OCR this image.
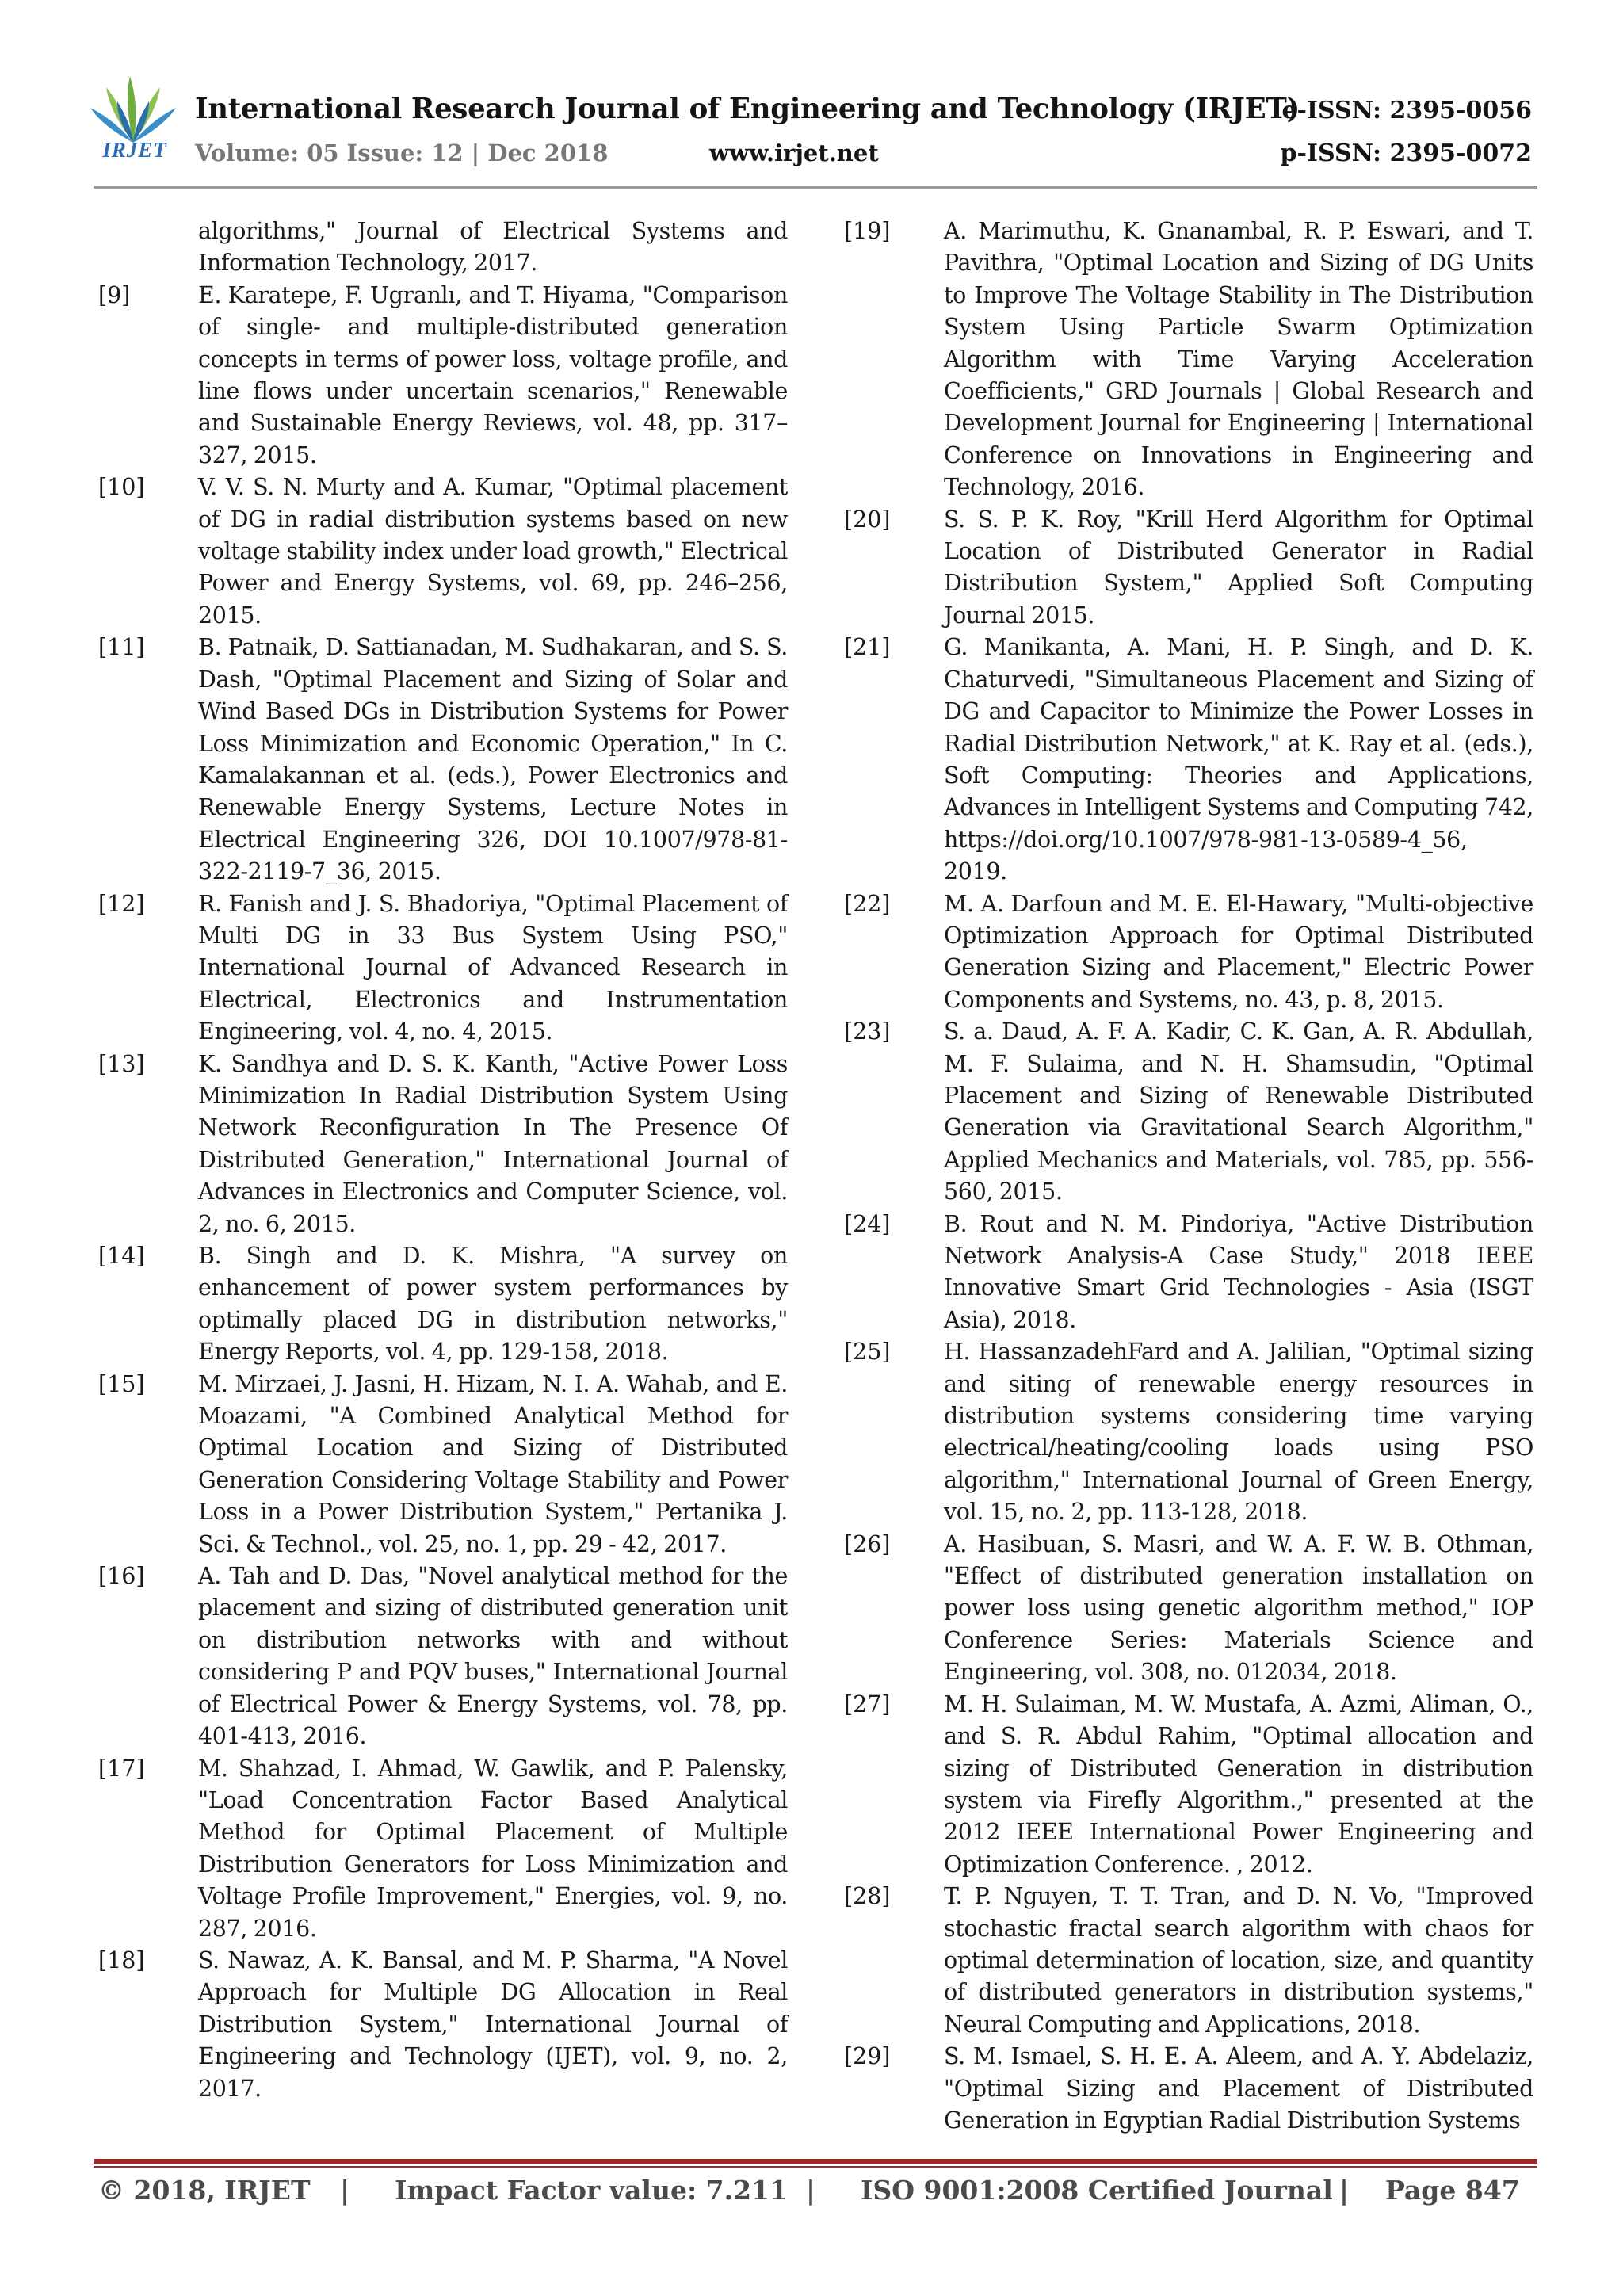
IRJET
International Research Journal of Engineering and Technology (IRJET)
Volume: 05 Issue: 12 | Dec 2018	www.irjet.net
e-ISSN: 2395-0056
p-ISSN: 2395-0072
algorithms," Journal of Electrical Systems and Information Technology, 2017.
[9]	E. Karatepe, F. Ugranlı, and T. Hiyama, "Comparison of single- and multiple-distributed generation concepts in terms of power loss, voltage profile, and line flows under uncertain scenarios," Renewable and Sustainable Energy Reviews, vol. 48, pp. 317–327, 2015.
[10]	V. V. S. N. Murty and A. Kumar, "Optimal placement of DG in radial distribution systems based on new voltage stability index under load growth," Electrical Power and Energy Systems, vol. 69, pp. 246–256, 2015.
[11]	B. Patnaik, D. Sattianadan, M. Sudhakaran, and S. S. Dash, "Optimal Placement and Sizing of Solar and Wind Based DGs in Distribution Systems for Power Loss Minimization and Economic Operation," In C. Kamalakannan et al. (eds.), Power Electronics and Renewable Energy Systems, Lecture Notes in Electrical Engineering 326, DOI 10.1007/978-81-322-2119-7_36, 2015.
[12]	R. Fanish and J. S. Bhadoriya, "Optimal Placement of Multi DG in 33 Bus System Using PSO," International Journal of Advanced Research in Electrical, Electronics and Instrumentation Engineering, vol. 4, no. 4, 2015.
[13]	K. Sandhya and D. S. K. Kanth, "Active Power Loss Minimization In Radial Distribution System Using Network Reconfiguration In The Presence Of Distributed Generation," International Journal of Advances in Electronics and Computer Science, vol. 2, no. 6, 2015.
[14]	B. Singh and D. K. Mishra, "A survey on enhancement of power system performances by optimally placed DG in distribution networks," Energy Reports, vol. 4, pp. 129-158, 2018.
[15]	M. Mirzaei, J. Jasni, H. Hizam, N. I. A. Wahab, and E. Moazami, "A Combined Analytical Method for Optimal Location and Sizing of Distributed Generation Considering Voltage Stability and Power Loss in a Power Distribution System," Pertanika J. Sci. & Technol., vol. 25, no. 1, pp. 29 - 42, 2017.
[16]	A. Tah and D. Das, "Novel analytical method for the placement and sizing of distributed generation unit on distribution networks with and without considering P and PQV buses," International Journal of Electrical Power & Energy Systems, vol. 78, pp. 401-413, 2016.
[17]	M. Shahzad, I. Ahmad, W. Gawlik, and P. Palensky, "Load Concentration Factor Based Analytical Method for Optimal Placement of Multiple Distribution Generators for Loss Minimization and Voltage Profile Improvement," Energies, vol. 9, no. 287, 2016.
[18]	S. Nawaz, A. K. Bansal, and M. P. Sharma, "A Novel Approach for Multiple DG Allocation in Real Distribution System," International Journal of Engineering and Technology (IJET), vol. 9, no. 2, 2017.
[19]	A. Marimuthu, K. Gnanambal, R. P. Eswari, and T. Pavithra, "Optimal Location and Sizing of DG Units to Improve The Voltage Stability in The Distribution System Using Particle Swarm Optimization Algorithm with Time Varying Acceleration Coefficients," GRD Journals | Global Research and Development Journal for Engineering | International Conference on Innovations in Engineering and Technology, 2016.
[20]	S. S. P. K. Roy, "Krill Herd Algorithm for Optimal Location of Distributed Generator in Radial Distribution System," Applied Soft Computing Journal 2015.
[21]	G. Manikanta, A. Mani, H. P. Singh, and D. K. Chaturvedi, "Simultaneous Placement and Sizing of DG and Capacitor to Minimize the Power Losses in Radial Distribution Network," at K. Ray et al. (eds.), Soft Computing: Theories and Applications, Advances in Intelligent Systems and Computing 742, https://doi.org/10.1007/978-981-13-0589-4_56, 2019.
[22]	M. A. Darfoun and M. E. El-Hawary, "Multi-objective Optimization Approach for Optimal Distributed Generation Sizing and Placement," Electric Power Components and Systems, no. 43, p. 8, 2015.
[23]	S. a. Daud, A. F. A. Kadir, C. K. Gan, A. R. Abdullah, M. F. Sulaima, and N. H. Shamsudin, "Optimal Placement and Sizing of Renewable Distributed Generation via Gravitational Search Algorithm," Applied Mechanics and Materials, vol. 785, pp. 556-560, 2015.
[24]	B. Rout and N. M. Pindoriya, "Active Distribution Network Analysis-A Case Study," 2018 IEEE Innovative Smart Grid Technologies - Asia (ISGT Asia), 2018.
[25]	H. HassanzadehFard and A. Jalilian, "Optimal sizing and siting of renewable energy resources in distribution systems considering time varying electrical/heating/cooling loads using PSO algorithm," International Journal of Green Energy, vol. 15, no. 2, pp. 113-128, 2018.
[26]	A. Hasibuan, S. Masri, and W. A. F. W. B. Othman, "Effect of distributed generation installation on power loss using genetic algorithm method," IOP Conference Series: Materials Science and Engineering, vol. 308, no. 012034, 2018.
[27]	M. H. Sulaiman, M. W. Mustafa, A. Azmi, Aliman, O., and S. R. Abdul Rahim, "Optimal allocation and sizing of Distributed Generation in distribution system via Firefly Algorithm.," presented at the 2012 IEEE International Power Engineering and Optimization Conference. , 2012.
[28]	T. P. Nguyen, T. T. Tran, and D. N. Vo, "Improved stochastic fractal search algorithm with chaos for optimal determination of location, size, and quantity of distributed generators in distribution systems," Neural Computing and Applications, 2018.
[29]	S. M. Ismael, S. H. E. A. Aleem, and A. Y. Abdelaziz, "Optimal Sizing and Placement of Distributed Generation in Egyptian Radial Distribution Systems
© 2018, IRJET | Impact Factor value: 7.211 | ISO 9001:2008 Certified Journal | Page 847
